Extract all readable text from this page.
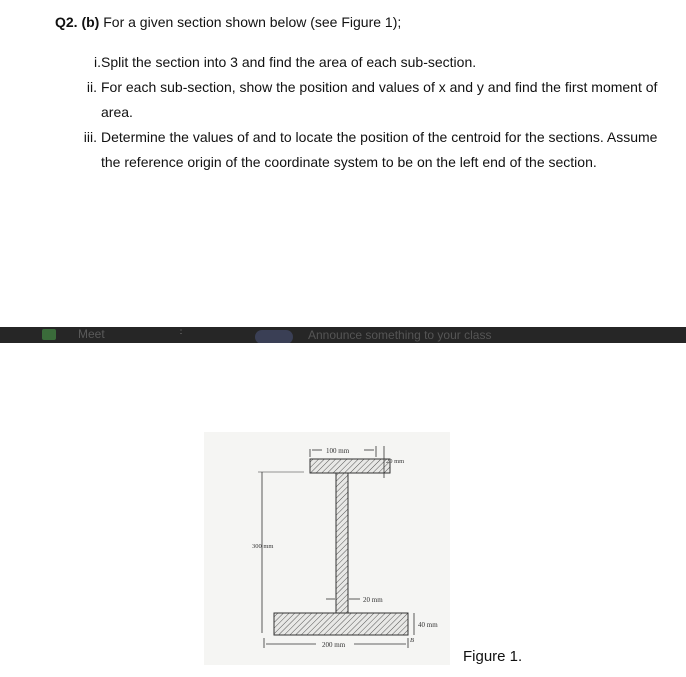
Q2. (b) For a given section shown below (see Figure 1);
i. Split the section into 3 and find the area of each sub-section.
ii. For each sub-section, show the position and values of x and y and find the first moment of area.
iii. Determine the values of and to locate the position of the centroid for the sections. Assume the reference origin of the coordinate system to be on the left end of the section.
Meet	⋮	Announce something to your class
100 mm
20 mm
300 mm
20 mm
40 mm
B
200 mm
Figure 1.
